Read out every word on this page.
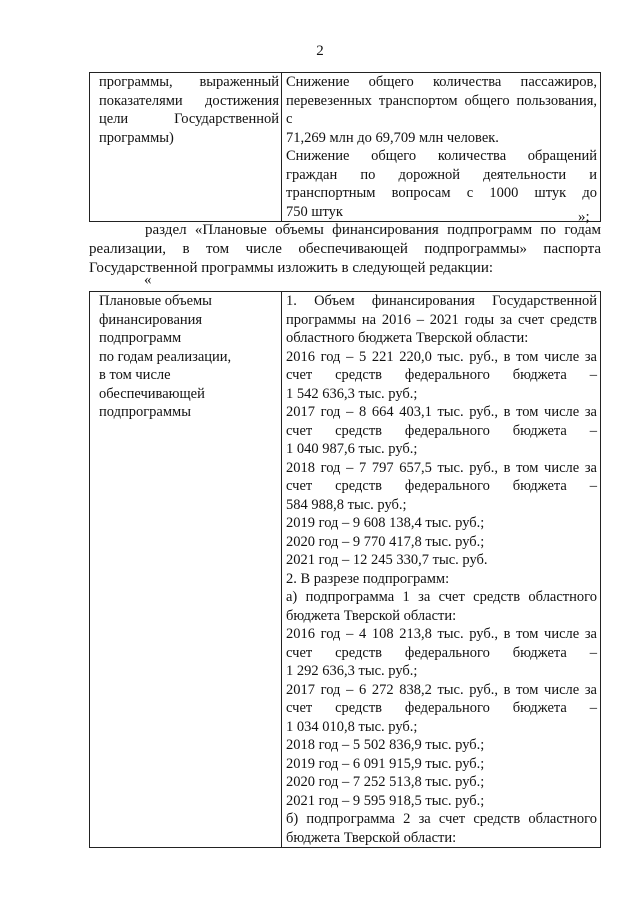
2
программы, выраженный
показателями достижения
цели Государственной
программы)

Снижение общего количества пассажиров,
перевезенных транспортом общего пользования, с
71,269 млн до 69,709 млн человек.
Снижение общего количества обращений
граждан по дорожной деятельности и
транспортным вопросам с 1000 штук до
750 штук	»;
раздел «Плановые объемы финансирования подпрограмм по годам реализации, в том числе обеспечивающей подпрограммы» паспорта Государственной программы изложить в следующей редакции:
«
Плановые объемы
финансирования
подпрограмм
по годам реализации,
в том числе
обеспечивающей
подпрограммы

1. Объем финансирования Государственной
программы на 2016 – 2021 годы за счет средств
областного бюджета Тверской области:
2016 год – 5 221 220,0 тыс. руб., в том числе за
счет средств федерального бюджета –
1 542 636,3 тыс. руб.;
2017 год – 8 664 403,1 тыс. руб., в том числе за
счет средств федерального бюджета –
1 040 987,6 тыс. руб.;
2018 год – 7 797 657,5 тыс. руб., в том числе за
счет средств федерального бюджета –
584 988,8 тыс. руб.;
2019 год – 9 608 138,4 тыс. руб.;
2020 год – 9 770 417,8 тыс. руб.;
2021 год – 12 245 330,7 тыс. руб.
2. В разрезе подпрограмм:
а) подпрограмма 1 за счет средств областного
бюджета Тверской области:
2016 год – 4 108 213,8 тыс. руб., в том числе за
счет средств федерального бюджета –
1 292 636,3 тыс. руб.;
2017 год – 6 272 838,2 тыс. руб., в том числе за
счет средств федерального бюджета –
1 034 010,8 тыс. руб.;
2018 год – 5 502 836,9 тыс. руб.;
2019 год – 6 091 915,9 тыс. руб.;
2020 год – 7 252 513,8 тыс. руб.;
2021 год – 9 595 918,5 тыс. руб.;
б) подпрограмма 2 за счет средств областного
бюджета Тверской области:
